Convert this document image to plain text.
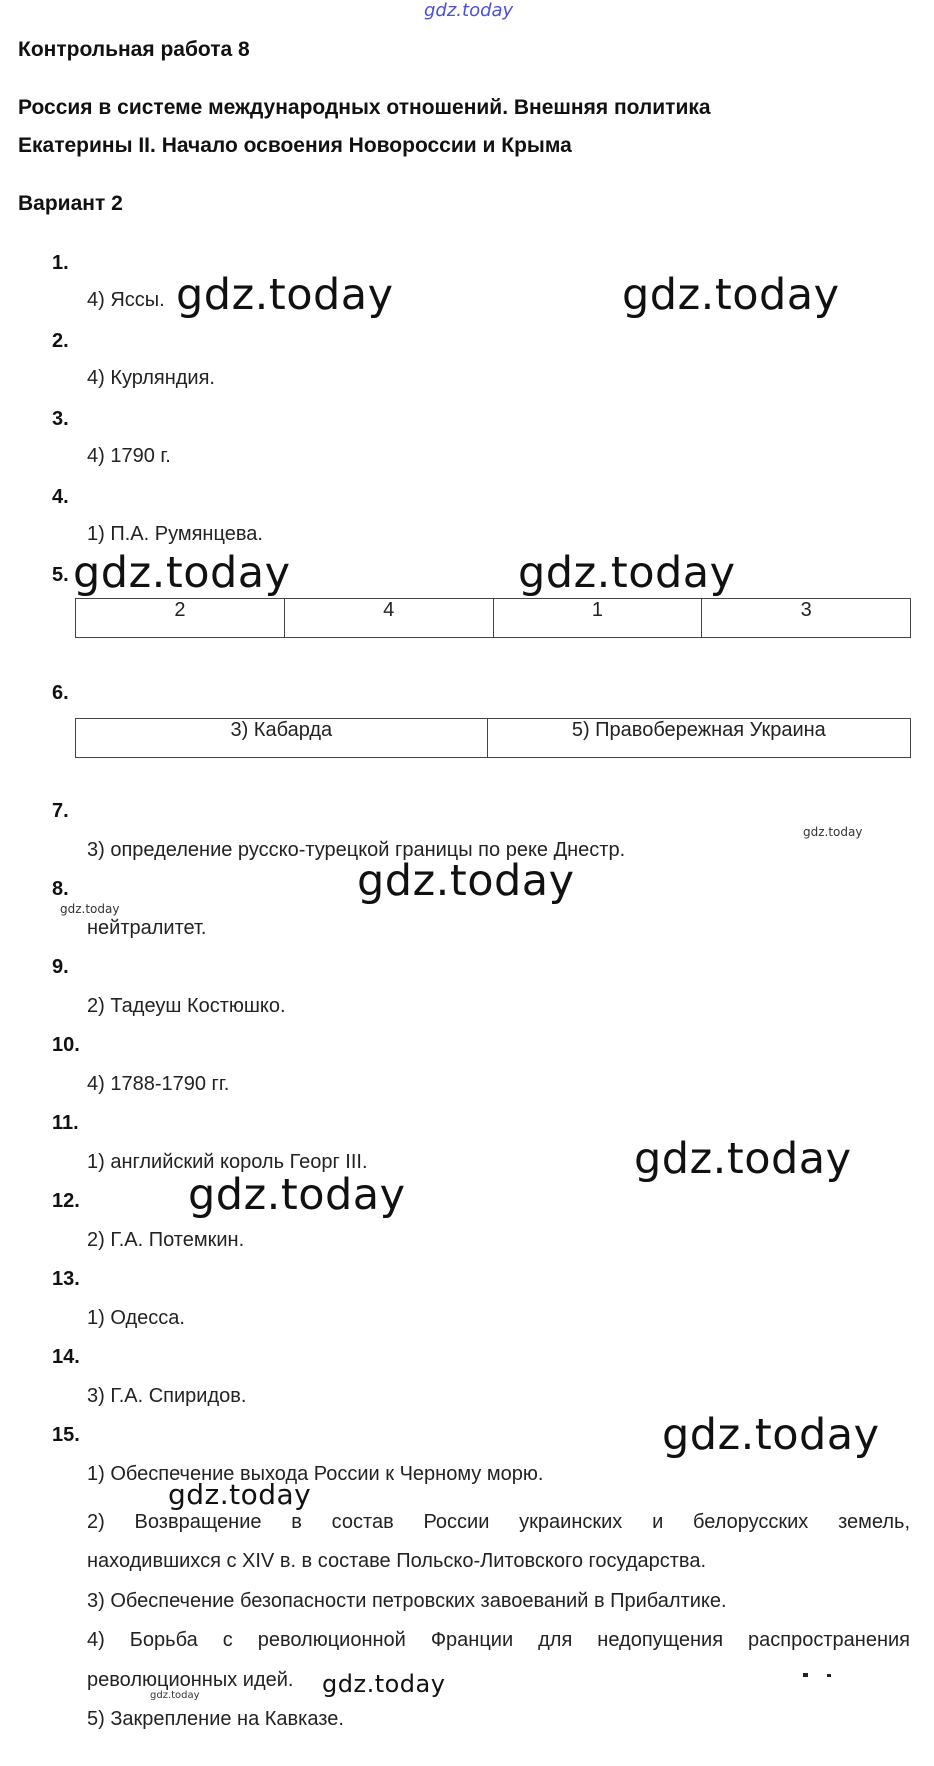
gdz.today
Контрольная работа 8
Россия в системе международных отношений. Внешняя политика
Екатерины II. Начало освоения Новороссии и Крыма
Вариант 2
1.
4) Яссы.
2.
4) Курляндия.
3.
4) 1790 г.
4.
1) П.А. Румянцева.
5.
2	4	1	3
6.
3) Кабарда	5) Правобережная Украина
7.
3) определение русско-турецкой границы по реке Днестр.
8.
нейтралитет.
9.
2) Тадеуш Костюшко.
10.
4) 1788-1790 гг.
11.
1) английский король Георг III.
12.
2) Г.А. Потемкин.
13.
1) Одесса.
14.
3) Г.А. Спиридов.
15.
1) Обеспечение выхода России к Черному морю.
2) Возвращение в состав России украинских и белорусских земель,
находившихся с XIV в. в составе Польско-Литовского государства.
3) Обеспечение безопасности петровских завоеваний в Прибалтике.
4) Борьба с революционной Франции для недопущения распространения
революционных идей.
5) Закрепление на Кавказе.
gdz.today	gdz.today
gdz.today	gdz.today
gdz.today
gdz.today
gdz.today
gdz.today
gdz.today
gdz.today
gdz.today
gdz.today
gdz.today
